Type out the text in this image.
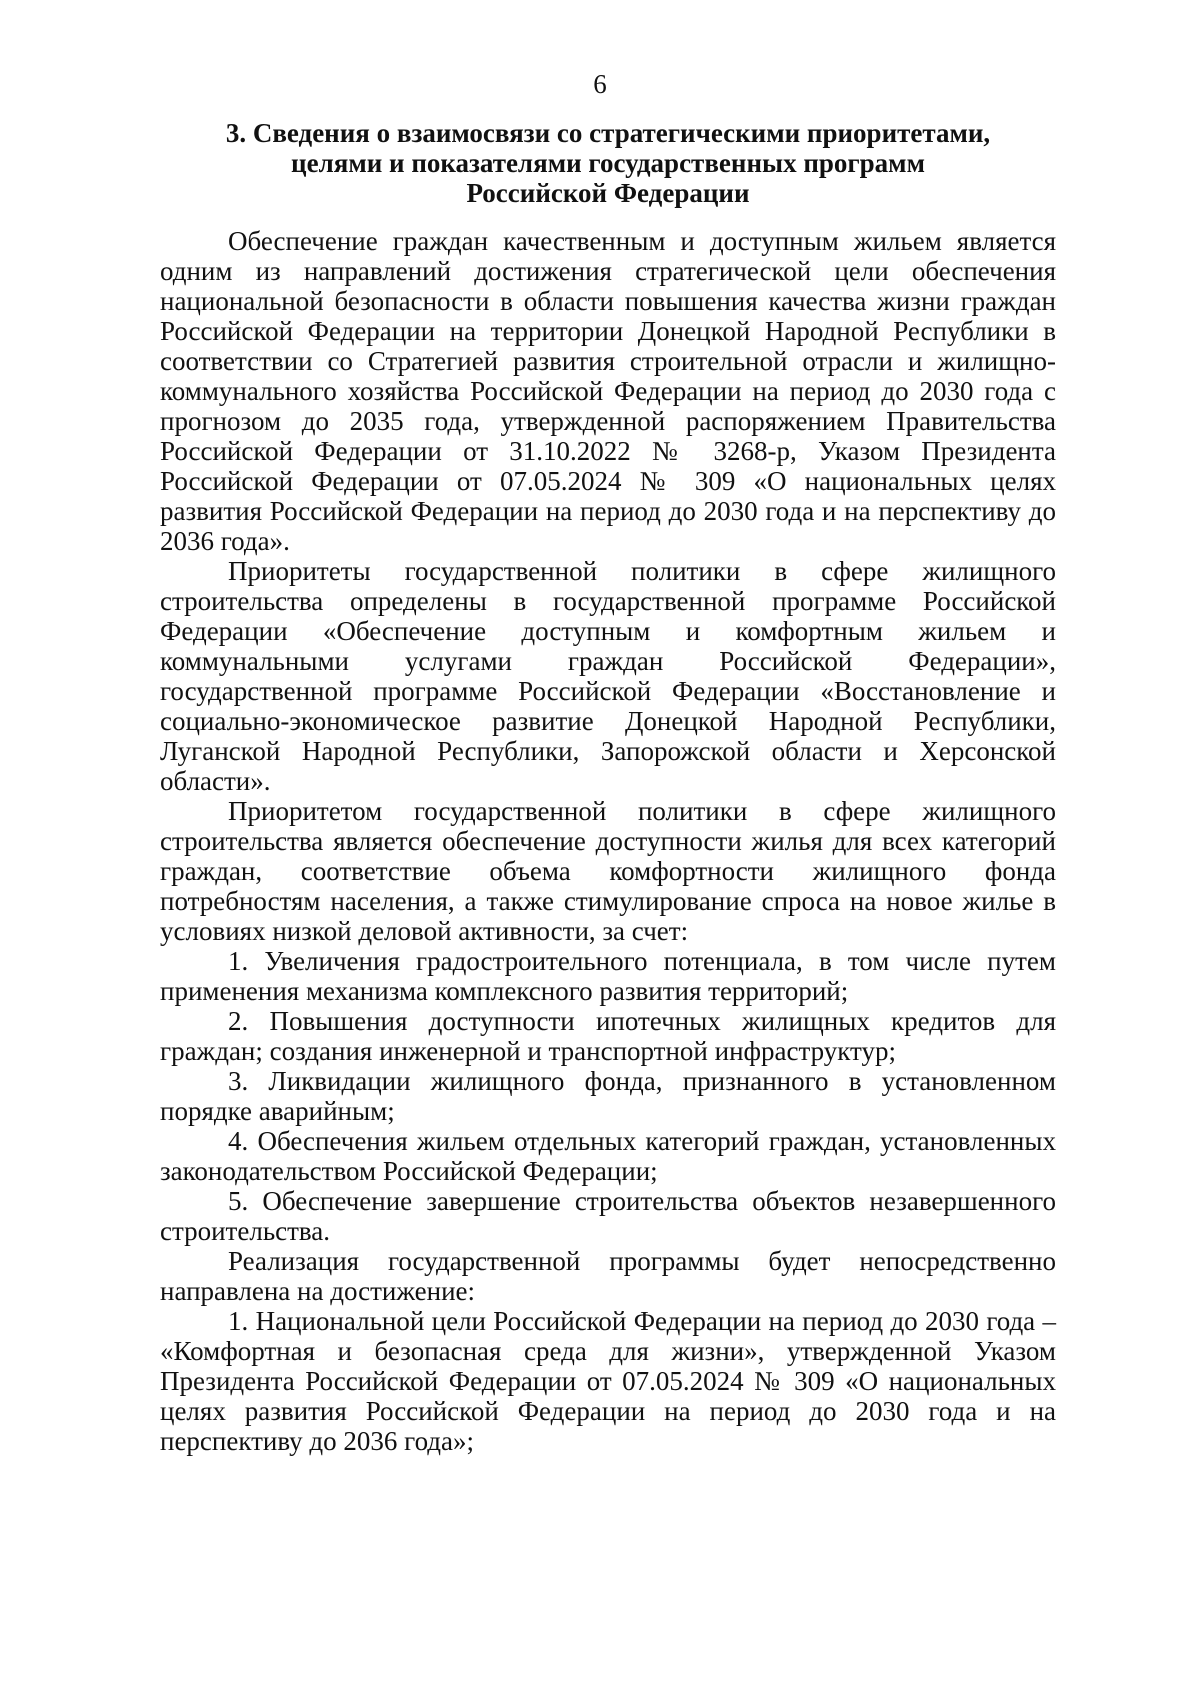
6
3. Сведения о взаимосвязи со стратегическими приоритетами,
целями и показателями государственных программ
Российской Федерации

Обеспечение граждан качественным и доступным жильем является одним из направлений достижения стратегической цели обеспечения национальной безопасности в области повышения качества жизни граждан Российской Федерации на территории Донецкой Народной Республики в соответствии со Стратегией развития строительной отрасли и жилищно-коммунального хозяйства Российской Федерации на период до 2030 года с прогнозом до 2035 года, утвержденной распоряжением Правительства Российской Федерации от 31.10.2022 № 3268-р, Указом Президента Российской Федерации от 07.05.2024 № 309 «О национальных целях развития Российской Федерации на период до 2030 года и на перспективу до 2036 года».

Приоритеты государственной политики в сфере жилищного строительства определены в государственной программе Российской Федерации «Обеспечение доступным и комфортным жильем и коммунальными услугами граждан Российской Федерации», государственной программе Российской Федерации «Восстановление и социально-экономическое развитие Донецкой Народной Республики, Луганской Народной Республики, Запорожской области и Херсонской области».

Приоритетом государственной политики в сфере жилищного строительства является обеспечение доступности жилья для всех категорий граждан, соответствие объема комфортности жилищного фонда потребностям населения, а также стимулирование спроса на новое жилье в условиях низкой деловой активности, за счет:

1. Увеличения градостроительного потенциала, в том числе путем применения механизма комплексного развития территорий;

2. Повышения доступности ипотечных жилищных кредитов для граждан; создания инженерной и транспортной инфраструктур;

3. Ликвидации жилищного фонда, признанного в установленном порядке аварийным;

4. Обеспечения жильем отдельных категорий граждан, установленных законодательством Российской Федерации;

5. Обеспечение завершение строительства объектов незавершенного строительства.

Реализация государственной программы будет непосредственно направлена на достижение:

1. Национальной цели Российской Федерации на период до 2030 года – «Комфортная и безопасная среда для жизни», утвержденной Указом Президента Российской Федерации от 07.05.2024 № 309 «О национальных целях развития Российской Федерации на период до 2030 года и на перспективу до 2036 года»;
